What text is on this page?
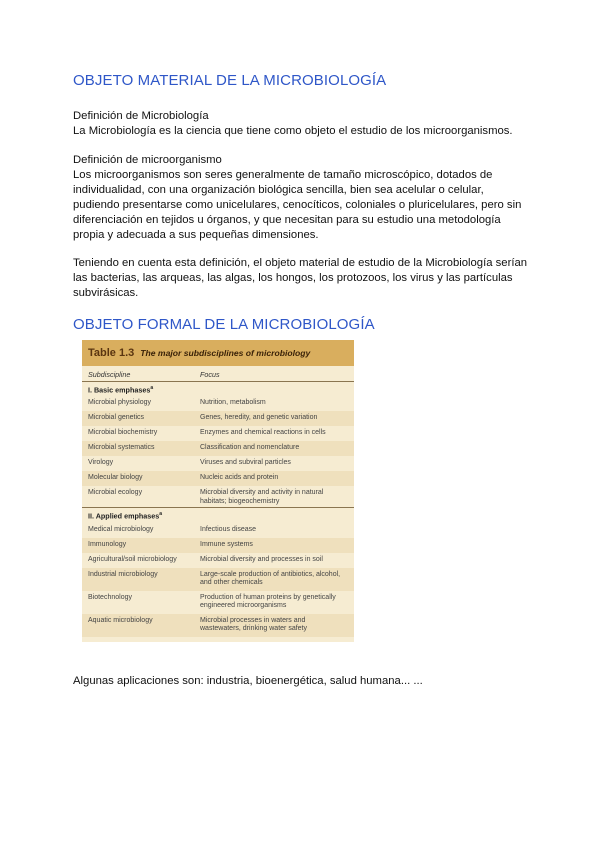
OBJETO MATERIAL DE LA MICROBIOLOGÍA

Definición de Microbiología

La Microbiología es la ciencia que tiene como objeto el estudio de los microorganismos.

Definición de microorganismo

Los microorganismos son seres generalmente de tamaño microscópico, dotados de individualidad, con una organización biológica sencilla, bien sea acelular o celular, pudiendo presentarse como unicelulares, cenocíticos, coloniales o pluricelulares, pero sin diferenciación en tejidos u órganos, y que necesitan para su estudio una metodología propia y adecuada a sus pequeñas dimensiones.

Teniendo en cuenta esta definición, el objeto material de estudio de la Microbiología serían las bacterias, las arqueas, las algas, los hongos, los protozoos, los virus y las partículas subvirásicas.

OBJETO FORMAL DE LA MICROBIOLOGÍA
Table 1.3 The major subdisciplines of microbiology
Subdiscipline	Focus
I. Basic emphases$^a$
Microbial physiology	Nutrition, metabolism
Microbial genetics	Genes, heredity, and genetic variation
Microbial biochemistry	Enzymes and chemical reactions in cells
Microbial systematics	Classification and nomenclature
Virology	Viruses and subviral particles
Molecular biology	Nucleic acids and protein
Microbial ecology	Microbial diversity and activity in natural habitats; biogeochemistry
II. Applied emphases$^a$
Medical microbiology	Infectious disease
Immunology	Immune systems
Agricultural/soil microbiology	Microbial diversity and processes in soil
Industrial microbiology	Large-scale production of antibiotics, alcohol, and other chemicals
Biotechnology	Production of human proteins by genetically engineered microorganisms
Aquatic microbiology	Microbial processes in waters and wastewaters, drinking water safety

Algunas aplicaciones son: industria, bioenergética, salud humana... ...
